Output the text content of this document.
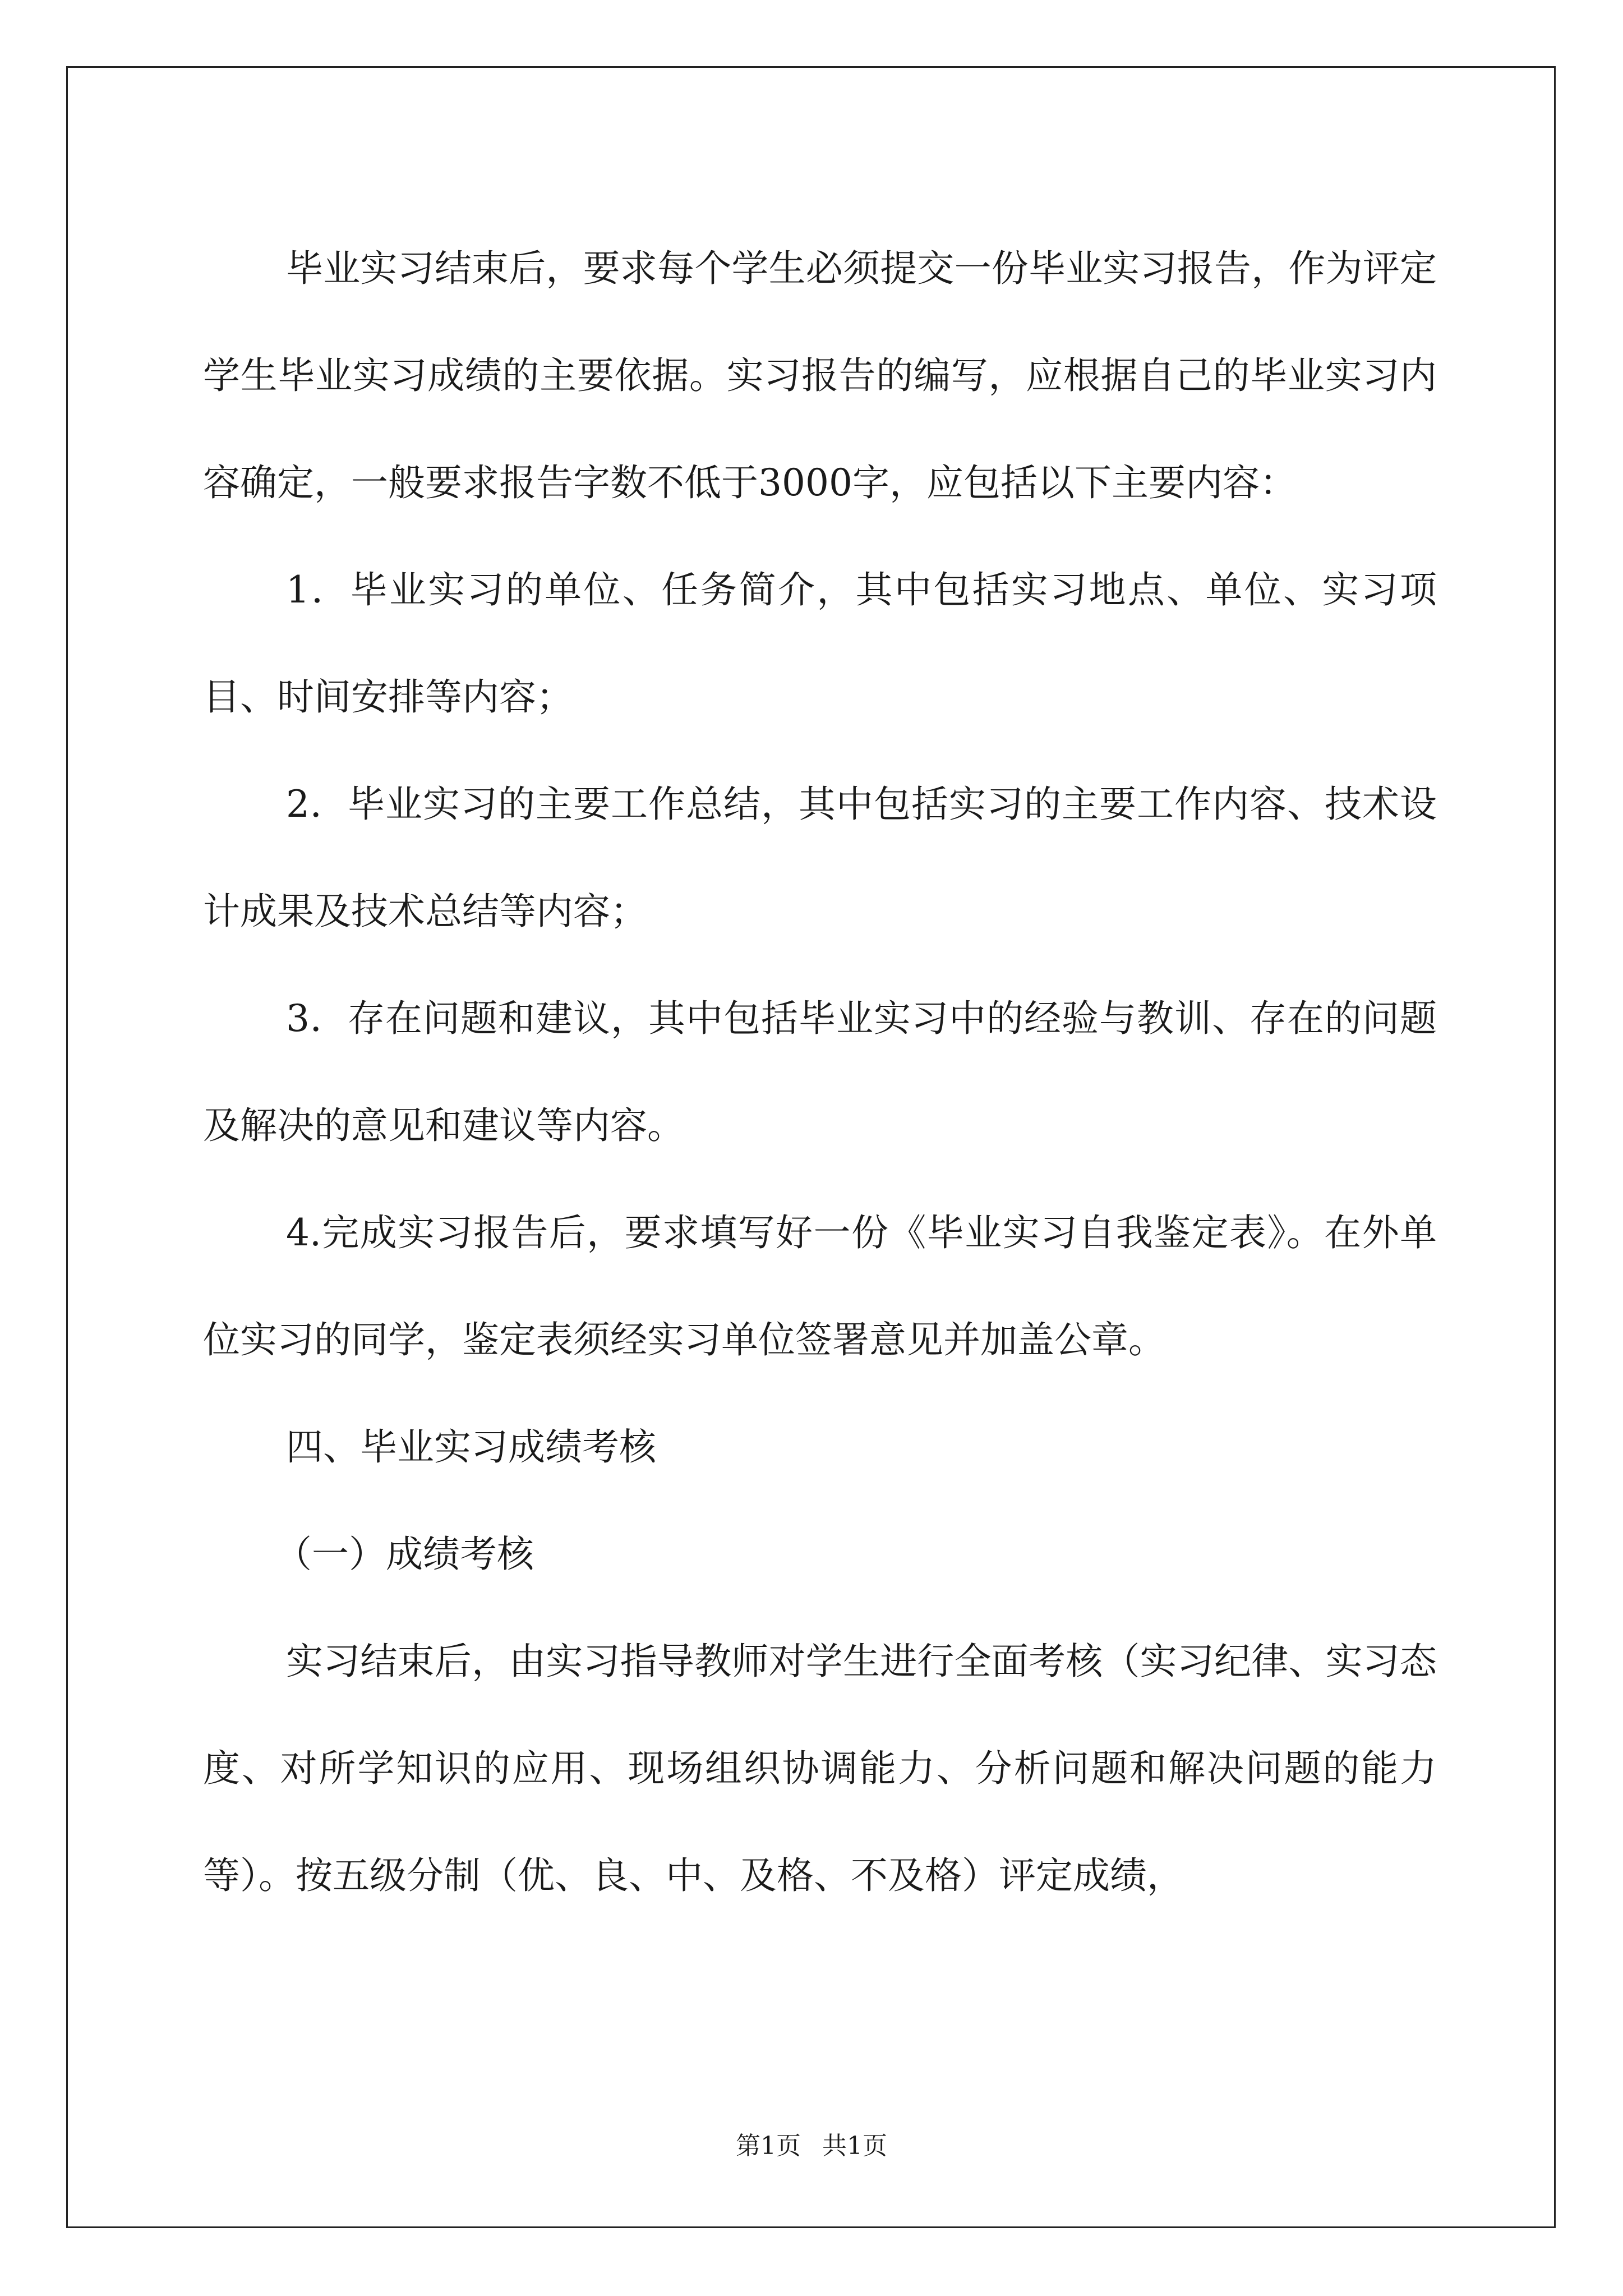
毕业实习结束后，要求每个学生必须提交一份毕业实习报告，作为评定学生毕业实习成绩的主要依据。实习报告的编写，应根据自己的毕业实习内容确定，一般要求报告字数不低于3000字，应包括以下主要内容：

1．毕业实习的单位、任务简介，其中包括实习地点、单位、实习项目、时间安排等内容；

2．毕业实习的主要工作总结，其中包括实习的主要工作内容、技术设计成果及技术总结等内容；

3．存在问题和建议，其中包括毕业实习中的经验与教训、存在的问题及解决的意见和建议等内容。

4.完成实习报告后，要求填写好一份《毕业实习自我鉴定表》。在外单位实习的同学，鉴定表须经实习单位签署意见并加盖公章。

四、毕业实习成绩考核

（一）成绩考核

实习结束后，由实习指导教师对学生进行全面考核（实习纪律、实习态度、对所学知识的应用、现场组织协调能力、分析问题和解决问题的能力等）。按五级分制（优、良、中、及格、不及格）评定成绩，

第1页 共1页
